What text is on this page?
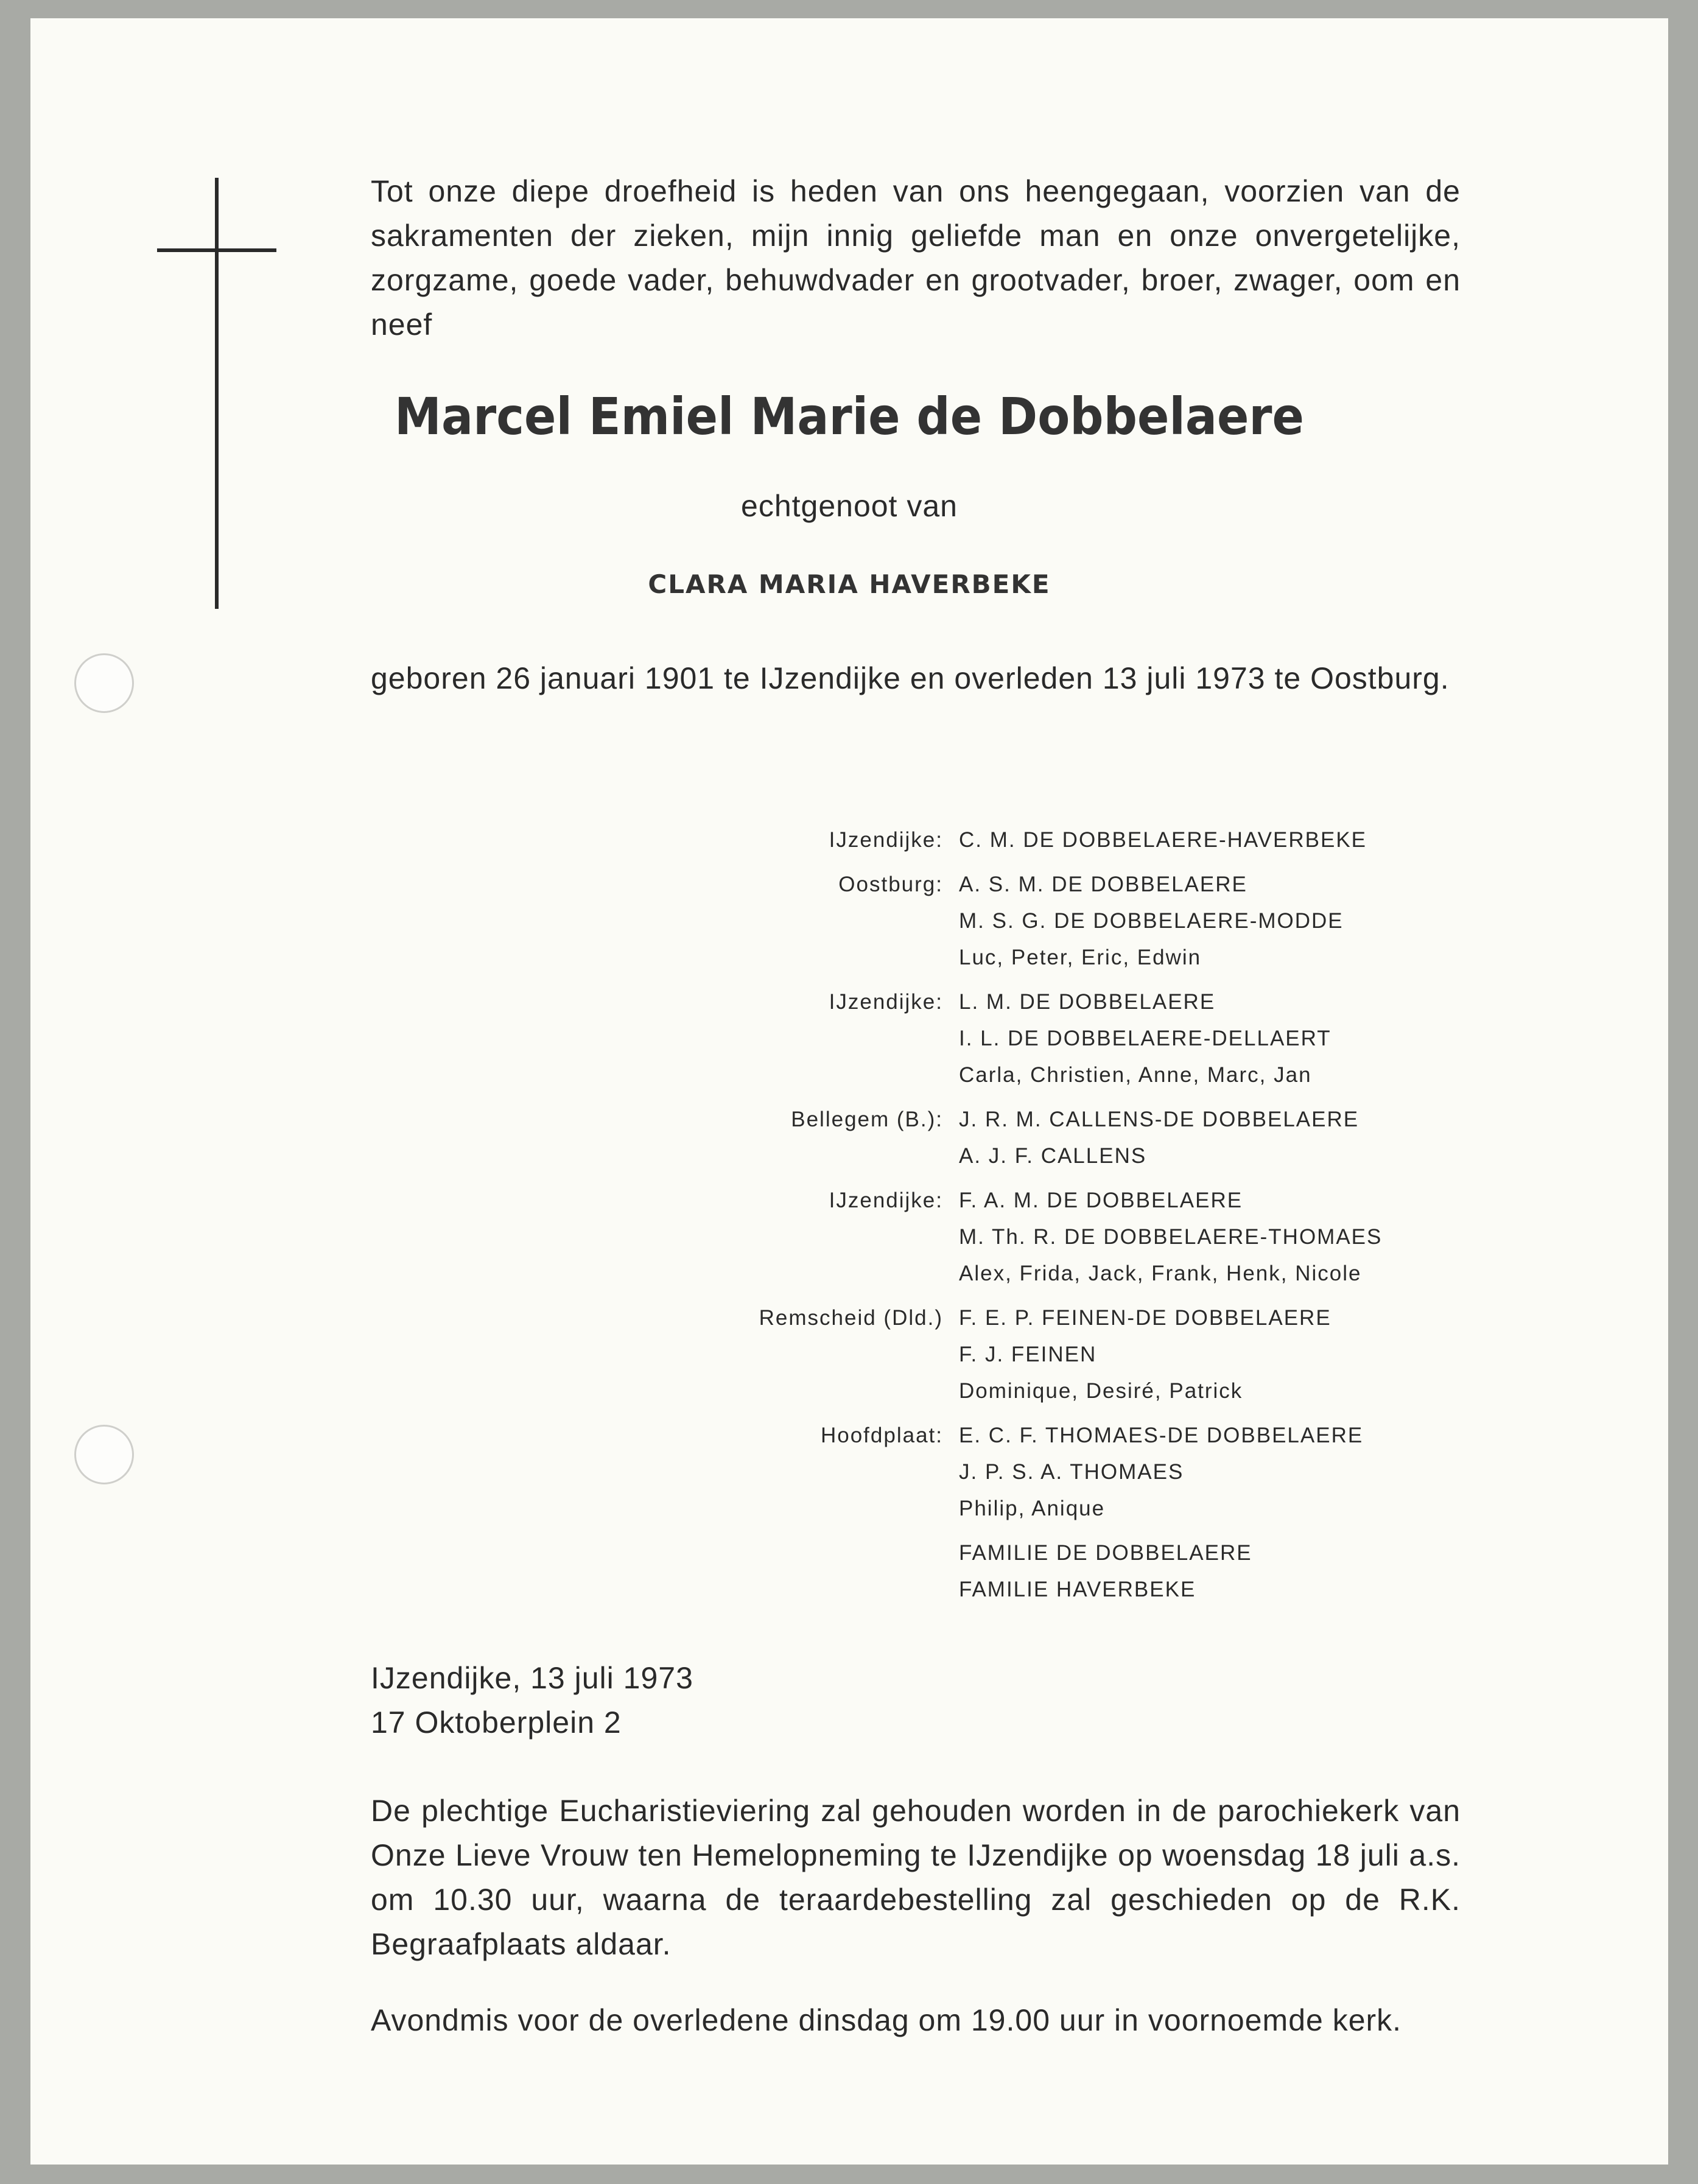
Tot onze diepe droefheid is heden van ons heengegaan, voorzien van de sakramenten der zieken, mijn innig geliefde man en onze onvergetelijke, zorgzame, goede vader, behuwdvader en grootvader, broer, zwager, oom en neef

Marcel Emiel Marie de Dobbelaere
echtgenoot van
CLARA MARIA HAVERBEKE

geboren 26 januari 1901 te IJzendijke en overleden 13 juli 1973 te Oostburg.

IJzendijke: C. M. DE DOBBELAERE-HAVERBEKE
Oostburg: A. S. M. DE DOBBELAERE
M. S. G. DE DOBBELAERE-MODDE
Luc, Peter, Eric, Edwin
IJzendijke: L. M. DE DOBBELAERE
I. L. DE DOBBELAERE-DELLAERT
Carla, Christien, Anne, Marc, Jan
Bellegem (B.): J. R. M. CALLENS-DE DOBBELAERE
A. J. F. CALLENS
IJzendijke: F. A. M. DE DOBBELAERE
M. Th. R. DE DOBBELAERE-THOMAES
Alex, Frida, Jack, Frank, Henk, Nicole
Remscheid (Dld.) F. E. P. FEINEN-DE DOBBELAERE
F. J. FEINEN
Dominique, Desiré, Patrick
Hoofdplaat: E. C. F. THOMAES-DE DOBBELAERE
J. P. S. A. THOMAES
Philip, Anique
FAMILIE DE DOBBELAERE
FAMILIE HAVERBEKE

IJzendijke, 13 juli 1973

17 Oktoberplein 2

De plechtige Eucharistieviering zal gehouden worden in de parochiekerk van Onze Lieve Vrouw ten Hemelopneming te IJzendijke op woensdag 18 juli a.s. om 10.30 uur, waarna de teraardebestelling zal geschieden op de R.K. Begraafplaats aldaar.

Avondmis voor de overledene dinsdag om 19.00 uur in voornoemde kerk.
